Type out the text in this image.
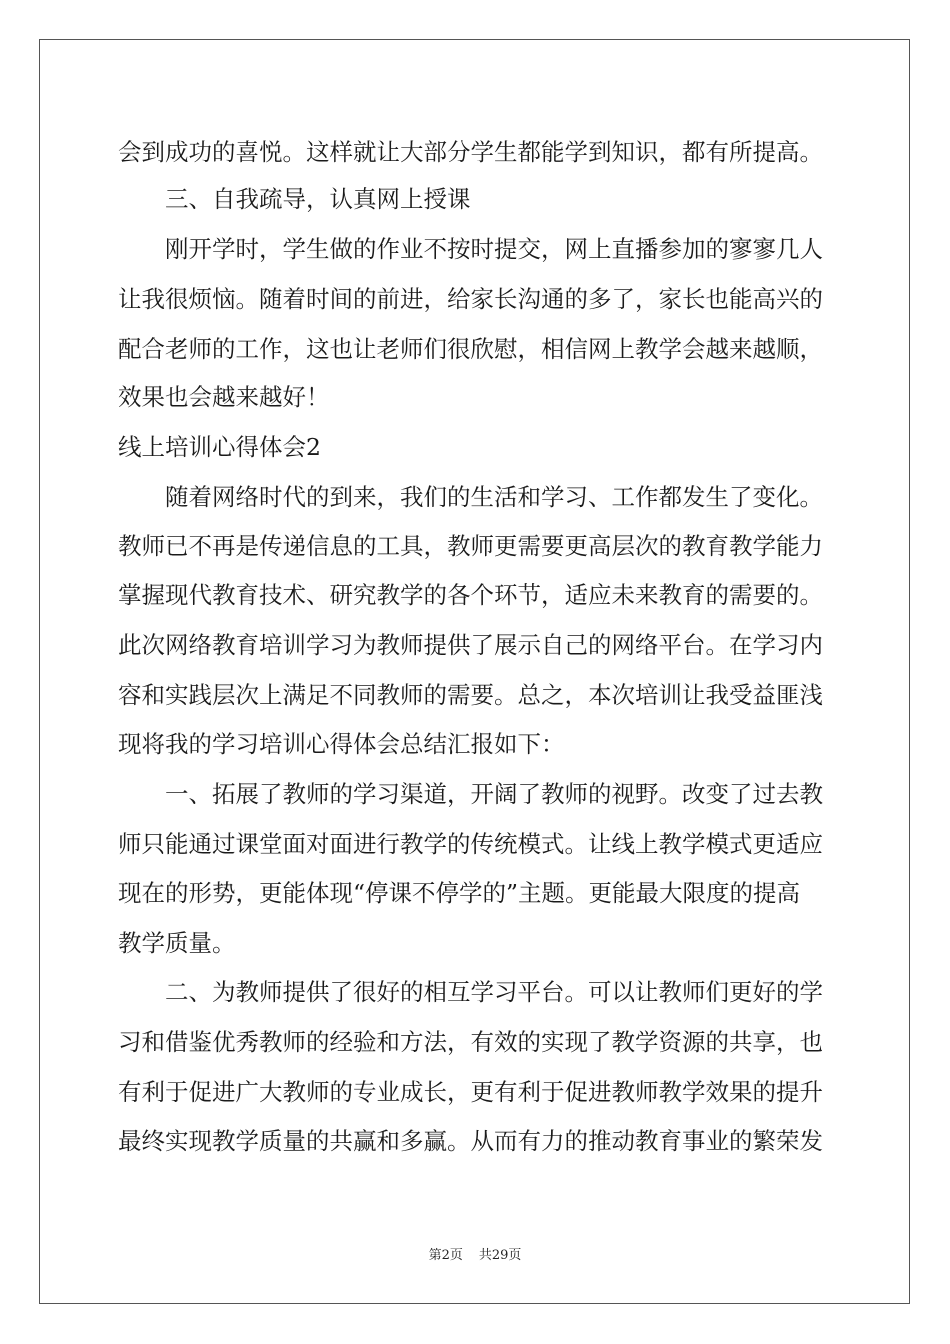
会到成功的喜悦。这样就让大部分学生都能学到知识，都有所提高。
　　三、自我疏导，认真网上授课
　　刚开学时，学生做的作业不按时提交，网上直播参加的寥寥几人
让我很烦恼。随着时间的前进，给家长沟通的多了，家长也能高兴的
配合老师的工作，这也让老师们很欣慰，相信网上教学会越来越顺，
效果也会越来越好！
线上培训心得体会2
　　随着网络时代的到来，我们的生活和学习、工作都发生了变化。
教师已不再是传递信息的工具，教师更需要更高层次的教育教学能力
掌握现代教育技术、研究教学的各个环节，适应未来教育的需要的。
此次网络教育培训学习为教师提供了展示自己的网络平台。在学习内
容和实践层次上满足不同教师的需要。总之，本次培训让我受益匪浅
现将我的学习培训心得体会总结汇报如下：
　　一、拓展了教师的学习渠道，开阔了教师的视野。改变了过去教
师只能通过课堂面对面进行教学的传统模式。让线上教学模式更适应
现在的形势，更能体现“停课不停学的”主题。更能最大限度的提高
教学质量。
　　二、为教师提供了很好的相互学习平台。可以让教师们更好的学
习和借鉴优秀教师的经验和方法，有效的实现了教学资源的共享，也
有利于促进广大教师的专业成长，更有利于促进教师教学效果的提升
最终实现教学质量的共赢和多赢。从而有力的推动教育事业的繁荣发
第2页 共29页
